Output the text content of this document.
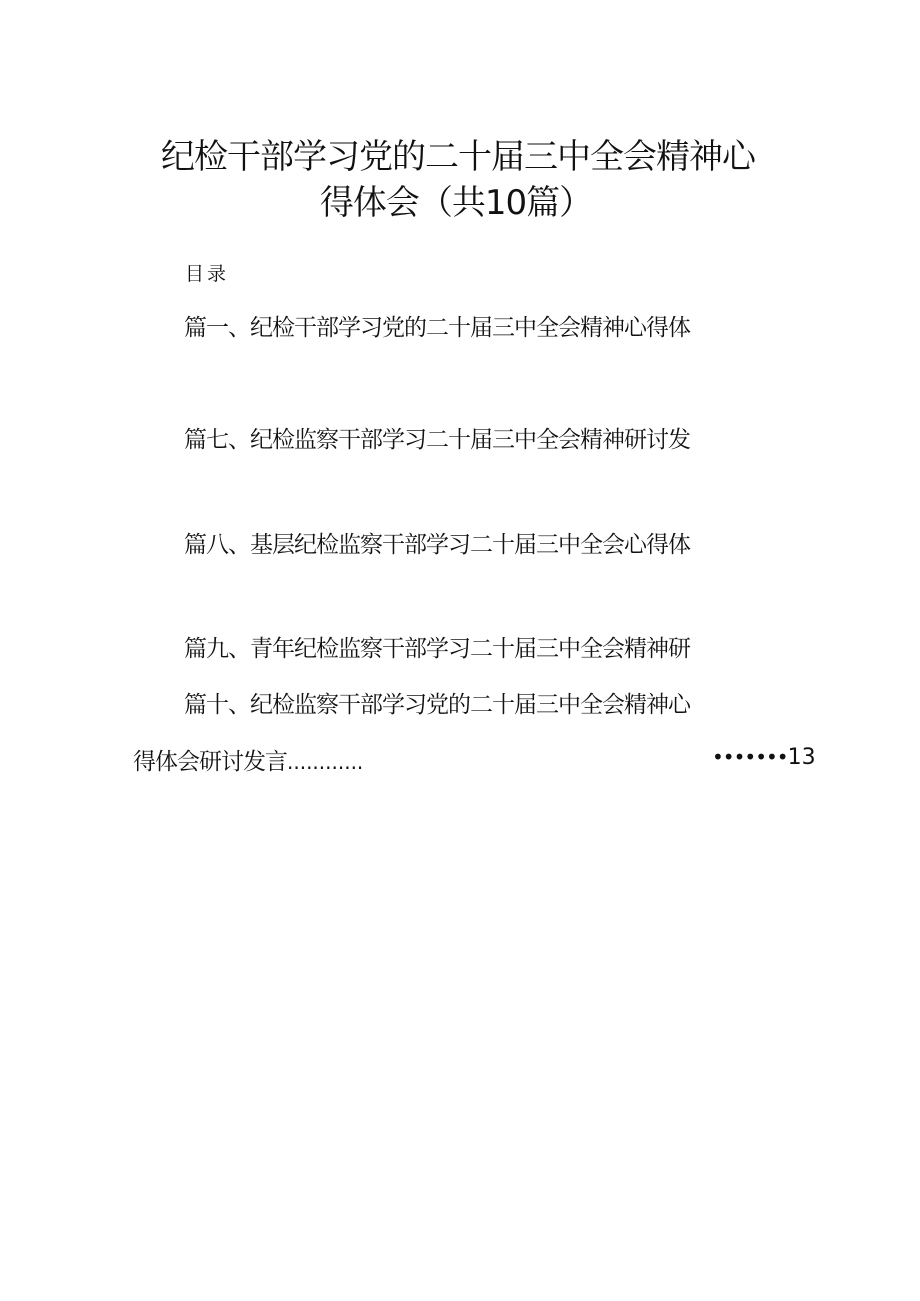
纪检干部学习党的二十届三中全会精神心
得体会（共10篇）
目录
篇一、纪检干部学习党的二十届三中全会精神心得体
篇七、纪检监察干部学习二十届三中全会精神研讨发
篇八、基层纪检监察干部学习二十届三中全会心得体
篇九、青年纪检监察干部学习二十届三中全会精神研
篇十、纪检监察干部学习党的二十届三中全会精神心
得体会研讨发言............	•••••••13
